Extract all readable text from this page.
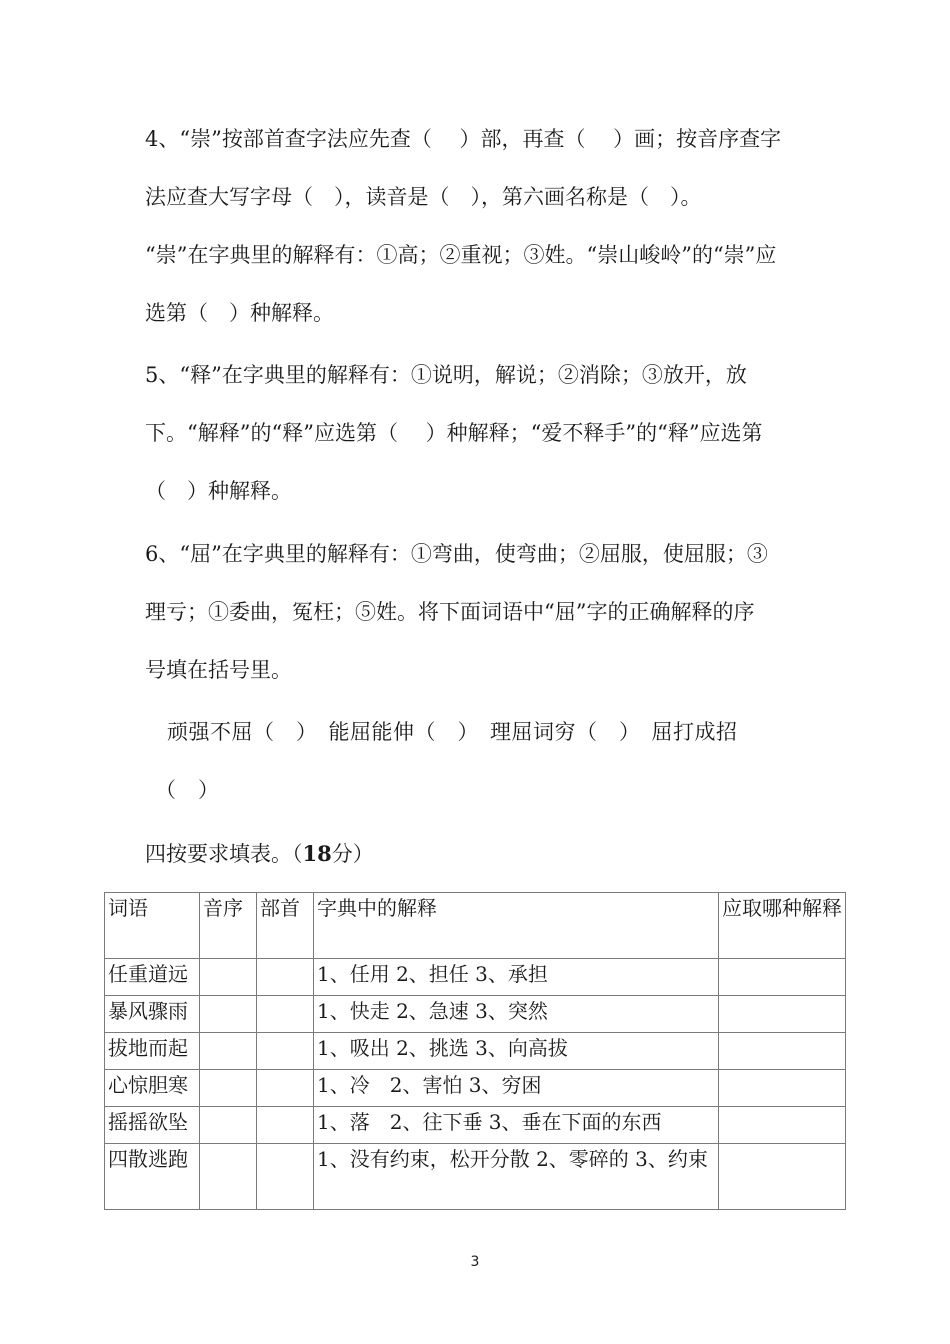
4、“崇”按部首查字法应先查（　 ）部，再查（　 ）画；按音序查字
法应查大写字母（　），读音是（　），第六画名称是（　）。
“崇”在字典里的解释有：①高；②重视；③姓。“崇山峻岭”的“崇”应
选第（　）种解释。
5、“释”在字典里的解释有：①说明，解说；②消除；③放开，放
下。“解释”的“释”应选第（　 ）种解释；“爱不释手”的“释”应选第
（　）种解释。
6、“屈”在字典里的解释有：①弯曲，使弯曲；②屈服，使屈服；③
理亏；①委曲，冤枉；⑤姓。将下面词语中“屈”字的正确解释的序
号填在括号里。
顽强不屈（　）　能屈能伸（　）　理屈词穷（　）　屈打成招
（　）
四按要求填表。（18分）
词语	音序	部首	字典中的解释	应取哪种解释
任重道远			1、任用 2、担任 3、承担	
暴风骤雨			1、快走 2、急速 3、突然	
拔地而起			1、吸出 2、挑选 3、向高拔	
心惊胆寒			1、冷　2、害怕 3、穷困	
摇摇欲坠			1、落　2、往下垂 3、垂在下面的东西	
四散逃跑			1、没有约束，松开分散 2、零碎的 3、约束	
3
